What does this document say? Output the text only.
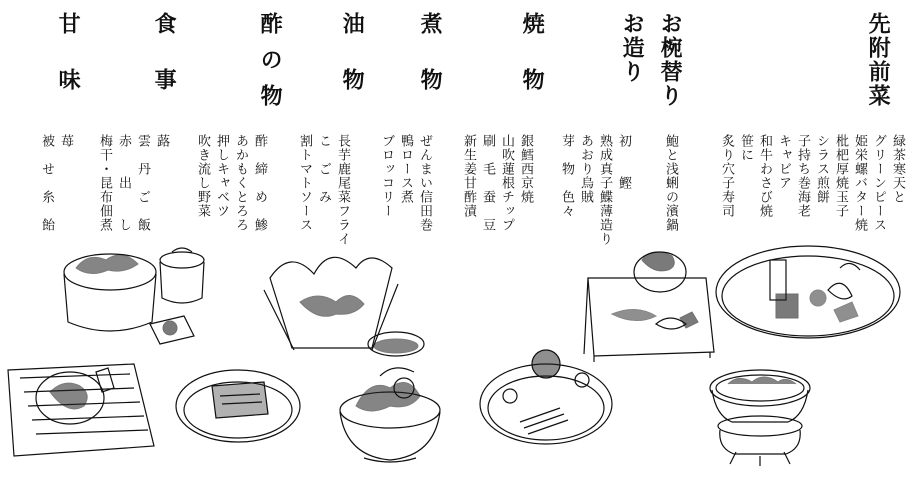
先附前菜
緑茶寒天と
グリーンピース
姫栄螺バター焼
枇杷厚焼玉子
シラス煎餅
子持ち巻海老
キャビア
和牛わさび焼
笹に
炙り穴子寿司
お椀替り
鮑と浅蜊の濱鍋
お造り
初　　鰹
熟成真子鰈薄造り
あおり烏賊
芽　物　色々
焼物
銀鱈西京焼
山吹蓮根チップ
刷　毛　蚕　豆
新生姜甘酢漬
煮物
ぜんまい信田巻
鴨ロース煮
ブロッコリー
油物
長芋鹿尾菜フライ
こ　ご　み
割トマトソース
酢の物
酢　締　め　鯵
あかもくとろろ
押しキャベツ
吹き流し野菜
食事
蕗
雲　丹　ご　飯
赤　　出　　し
梅干・昆布佃煮
甘味
苺
被　せ　糸　飴
